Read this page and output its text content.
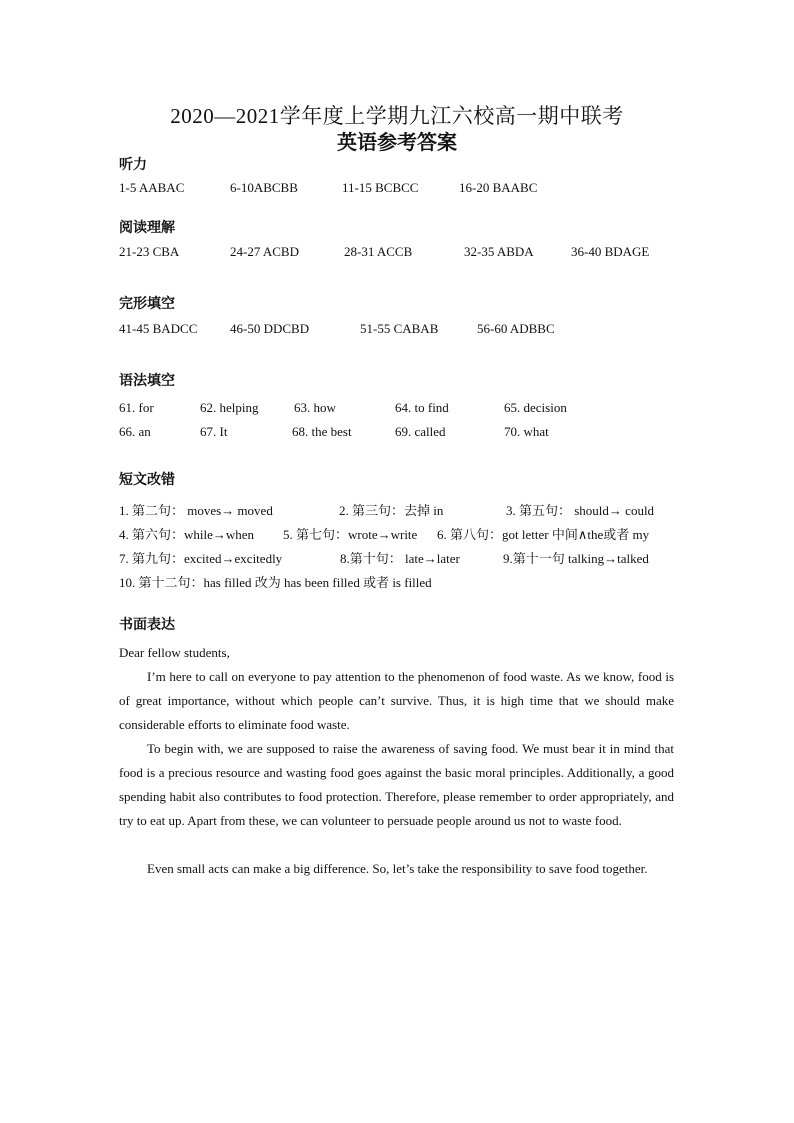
2020—2021学年度上学期九江六校高一期中联考
英语参考答案
听力
1-5 AABAC	6-10ABCBB	11-15 BCBCC	16-20 BAABC
阅读理解
21-23 CBA	24-27 ACBD	28-31 ACCB	32-35 ABDA	36-40 BDAGE
完形填空
41-45 BADCC	46-50 DDCBD	51-55 CABAB	56-60 ADBBC
语法填空
61. for	62. helping	63. how	64. to find	65. decision
66. an	67. It	68. the best	69. called	70. what
短文改错
1. 第二句： moves→ moved	2. 第三句：去掉 in	3. 第五句： should→ could
4. 第六句：while→when 5. 第七句：wrote→write 6. 第八句：got letter 中间∧the或者 my
7. 第九句：excited→excitedly	8.第十句： late→later	9.第十一句 talking→talked
10. 第十二句：has filled 改为 has been filled 或者 is filled
书面表达
Dear fellow students,
I’m here to call on everyone to pay attention to the phenomenon of food waste. As we know, food is of great importance, without which people can’t survive. Thus, it is high time that we should make considerable efforts to eliminate food waste.
To begin with, we are supposed to raise the awareness of saving food. We must bear it in mind that food is a precious resource and wasting food goes against the basic moral principles. Additionally, a good spending habit also contributes to food protection. Therefore, please remember to order appropriately, and try to eat up. Apart from these, we can volunteer to persuade people around us not to waste food.
Even small acts can make a big difference. So, let’s take the responsibility to save food together.
